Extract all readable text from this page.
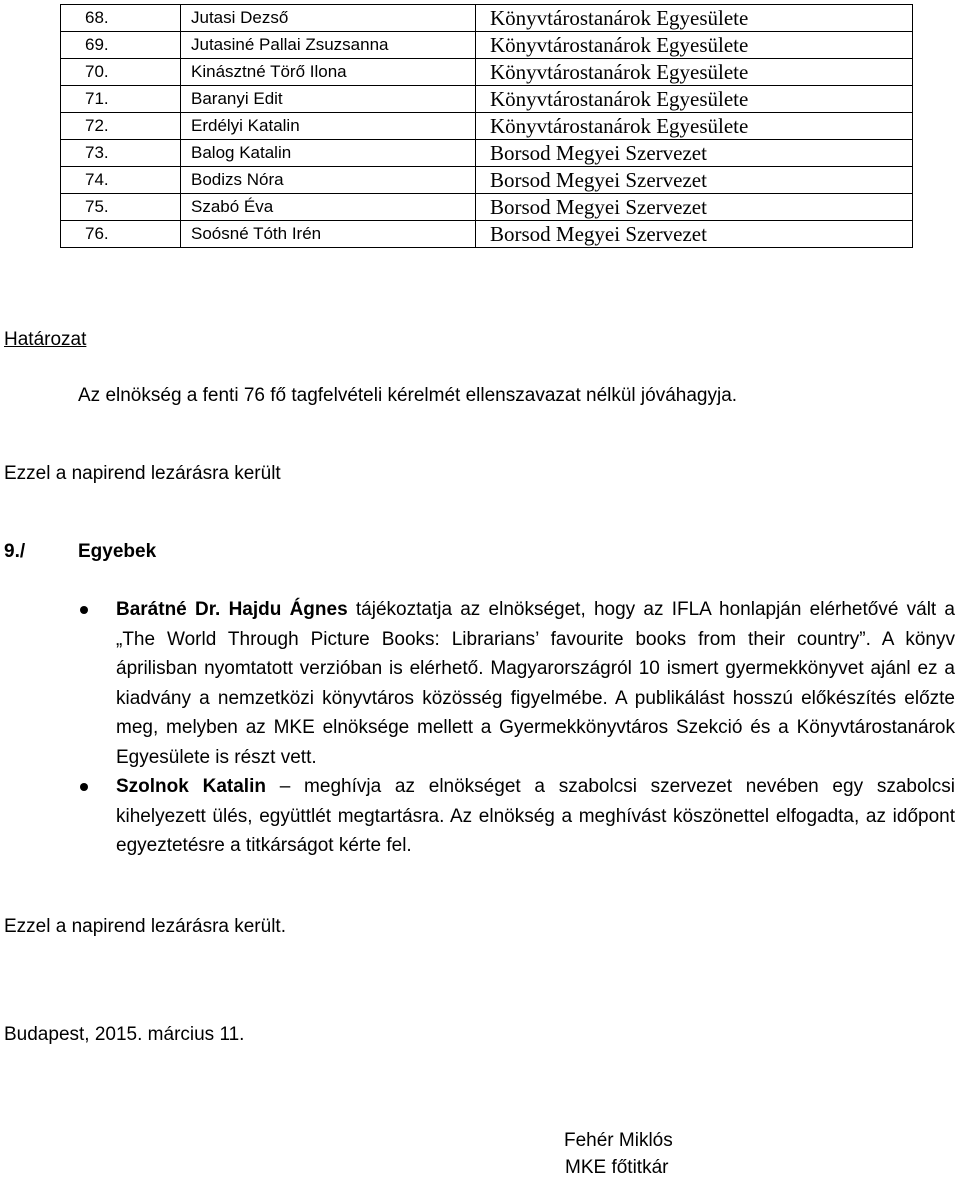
68.	Jutasi Dezső	Könyvtárostanárok Egyesülete
69.	Jutasiné Pallai Zsuzsanna	Könyvtárostanárok Egyesülete
70.	Kinásztné Törő Ilona	Könyvtárostanárok Egyesülete
71.	Baranyi Edit	Könyvtárostanárok Egyesülete
72.	Erdélyi Katalin	Könyvtárostanárok Egyesülete
73.	Balog Katalin	Borsod Megyei Szervezet
74.	Bodizs Nóra	Borsod Megyei Szervezet
75.	Szabó Éva	Borsod Megyei Szervezet
76.	Soósné Tóth Irén	Borsod Megyei Szervezet
Határozat
Az elnökség a fenti 76 fő tagfelvételi kérelmét ellenszavazat nélkül jóváhagyja.
Ezzel a napirend lezárásra került
9./	Egyebek
Barátné Dr. Hajdu Ágnes tájékoztatja az elnökséget, hogy az IFLA honlapján elérhetővé vált a „The World Through Picture Books: Librarians’ favourite books from their country”. A könyv áprilisban nyomtatott verzióban is elérhető. Magyarországról 10 ismert gyermekkönyvet ajánl ez a kiadvány a nemzetközi könyvtáros közösség figyelmébe. A publikálást hosszú előkészítés előzte meg, melyben az MKE elnöksége mellett a Gyermekkönyvtáros Szekció és a Könyvtárostanárok Egyesülete is részt vett.
Szolnok Katalin – meghívja az elnökséget a szabolcsi szervezet nevében egy szabolcsi kihelyezett ülés, együttlét megtartásra. Az elnökség a meghívást köszönettel elfogadta, az időpont egyeztetésre a titkárságot kérte fel.
Ezzel a napirend lezárásra került.
Budapest, 2015. március 11.
Fehér Miklós
MKE főtitkár
